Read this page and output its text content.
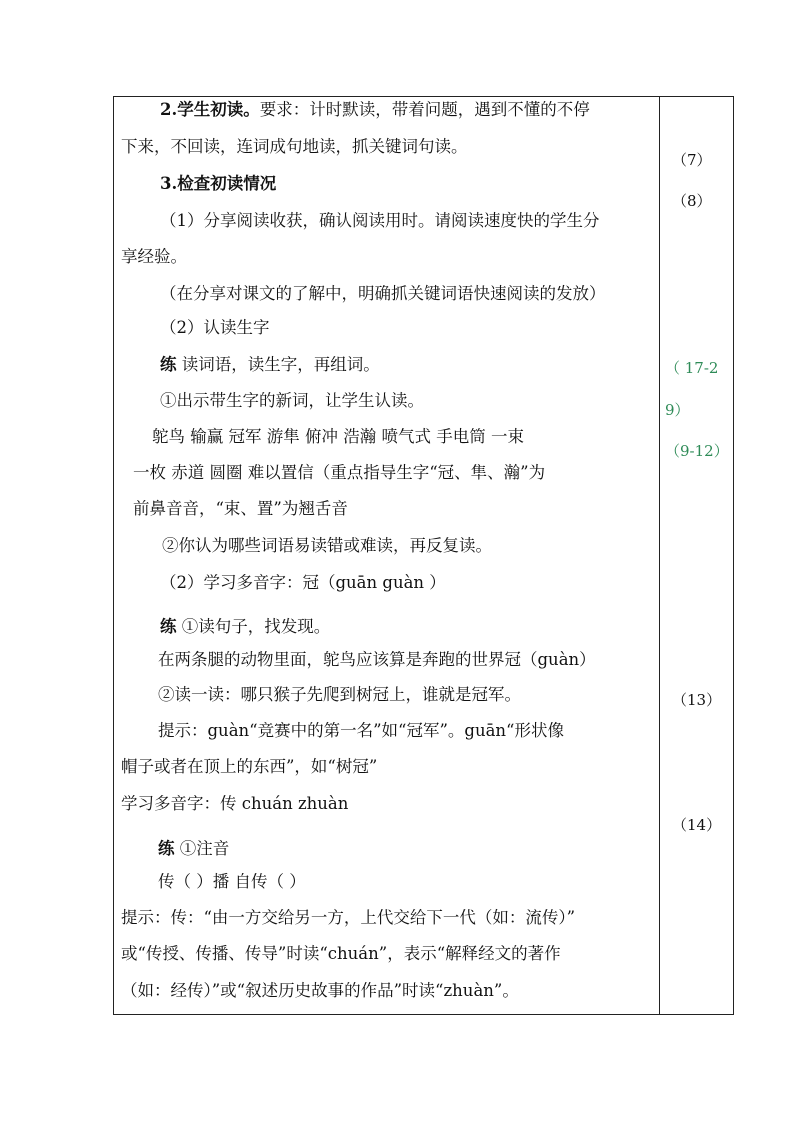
2.学生初读。要求：计时默读，带着问题，遇到不懂的不停
下来，不回读，连词成句地读，抓关键词句读。
3.检查初读情况
（1）分享阅读收获，确认阅读用时。请阅读速度快的学生分
享经验。
（在分享对课文的了解中，明确抓关键词语快速阅读的发放）
（2）认读生字
练 读词语，读生字，再组词。
①出示带生字的新词，让学生认读。
鸵鸟 输赢 冠军 游隼 俯冲 浩瀚 喷气式 手电筒 一束
一枚 赤道 圆圈 难以置信（重点指导生字“冠、隼、瀚”为
前鼻音音，“束、置”为翘舌音
②你认为哪些词语易读错或难读，再反复读。
（2）学习多音字：冠（guān guàn ）
练 ①读句子，找发现。
在两条腿的动物里面，鸵鸟应该算是奔跑的世界冠（guàn）
②读一读：哪只猴子先爬到树冠上，谁就是冠军。
提示：guàn“竞赛中的第一名”如“冠军”。guān“形状像
帽子或者在顶上的东西”，如“树冠”
学习多音字：传 chuán zhuàn
练 ①注音
传（ ）播 自传（ ）
提示：传：“由一方交给另一方，上代交给下一代（如：流传）”
或“传授、传播、传导”时读“chuán”，表示“解释经文的著作
（如：经传）”或“叙述历史故事的作品”时读“zhuàn”。
（7）
（8）
（ 17-2
9）
（9-12）
（13）
（14）
